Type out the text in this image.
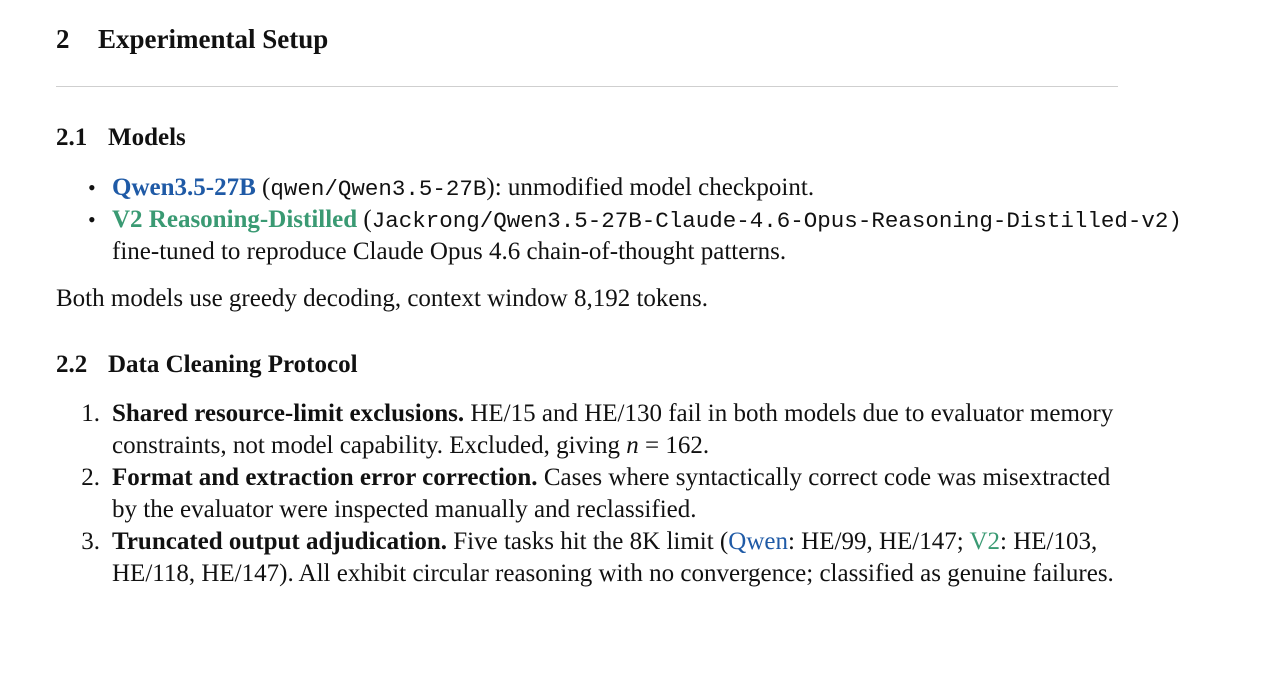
2 Experimental Setup
2.1 Models
• Qwen3.5-27B (qwen/Qwen3.5-27B): unmodified model checkpoint.
• V2 Reasoning-Distilled (Jackrong/Qwen3.5-27B-Claude-4.6-Opus-Reasoning-Distilled-v2)
fine-tuned to reproduce Claude Opus 4.6 chain-of-thought patterns.
Both models use greedy decoding, context window 8,192 tokens.
2.2 Data Cleaning Protocol
1. Shared resource-limit exclusions. HE/15 and HE/130 fail in both models due to evaluator memory
constraints, not model capability. Excluded, giving n = 162.
2. Format and extraction error correction. Cases where syntactically correct code was misextracted
by the evaluator were inspected manually and reclassified.
3. Truncated output adjudication. Five tasks hit the 8K limit (Qwen: HE/99, HE/147; V2: HE/103,
HE/118, HE/147). All exhibit circular reasoning with no convergence; classified as genuine failures.
